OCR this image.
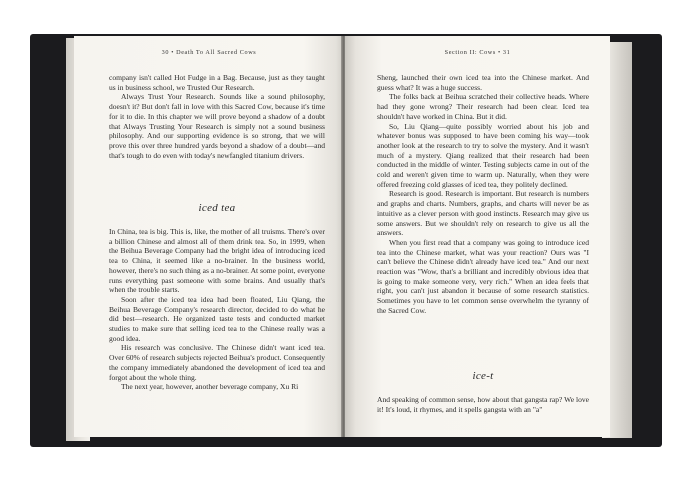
30 • Death To All Sacred Cows

company isn't called Hot Fudge in a Bag. Because, just as they taught us in business school, we Trusted Our Research.

Always Trust Your Research. Sounds like a sound philosophy, doesn't it? But don't fall in love with this Sacred Cow, because it's time for it to die. In this chapter we will prove beyond a shadow of a doubt that Always Trusting Your Research is simply not a sound business philosophy. And our supporting evidence is so strong, that we will prove this over three hundred yards beyond a shadow of a doubt—and that's tough to do even with today's newfangled titanium drivers.

iced tea

In China, tea is big. This is, like, the mother of all truisms. There's over a billion Chinese and almost all of them drink tea. So, in 1999, when the Beihua Beverage Company had the bright idea of introducing iced tea to China, it seemed like a no-brainer. In the business world, however, there's no such thing as a no-brainer. At some point, everyone runs everything past someone with some brains. And usually that's when the trouble starts.

Soon after the iced tea idea had been floated, Liu Qiang, the Beihua Beverage Company's research director, decided to do what he did best—research. He organized taste tests and conducted market studies to make sure that selling iced tea to the Chinese really was a good idea.

His research was conclusive. The Chinese didn't want iced tea. Over 60% of research subjects rejected Beihua's product. Consequently the company immediately abandoned the development of iced tea and forgot about the whole thing.

The next year, however, another beverage company, Xu Ri

Section II: Cows • 31

Sheng, launched their own iced tea into the Chinese market. And guess what? It was a huge success.

The folks back at Beihua scratched their collective heads. Where had they gone wrong? Their research had been clear. Iced tea shouldn't have worked in China. But it did.

So, Liu Qiang—quite possibly worried about his job and whatever bonus was supposed to have been coming his way—took another look at the research to try to solve the mystery. And it wasn't much of a mystery. Qiang realized that their research had been conducted in the middle of winter. Testing subjects came in out of the cold and weren't given time to warm up. Naturally, when they were offered freezing cold glasses of iced tea, they politely declined.

Research is good. Research is important. But research is numbers and graphs and charts. Numbers, graphs, and charts will never be as intuitive as a clever person with good instincts. Research may give us some answers. But we shouldn't rely on research to give us all the answers.

When you first read that a company was going to introduce iced tea into the Chinese market, what was your reaction? Ours was "I can't believe the Chinese didn't already have iced tea." And our next reaction was "Wow, that's a brilliant and incredibly obvious idea that is going to make someone very, very rich." When an idea feels that right, you can't just abandon it because of some research statistics. Sometimes you have to let common sense overwhelm the tyranny of the Sacred Cow.

ice-t

And speaking of common sense, how about that gangsta rap? We love it! It's loud, it rhymes, and it spells gangsta with an "a"
